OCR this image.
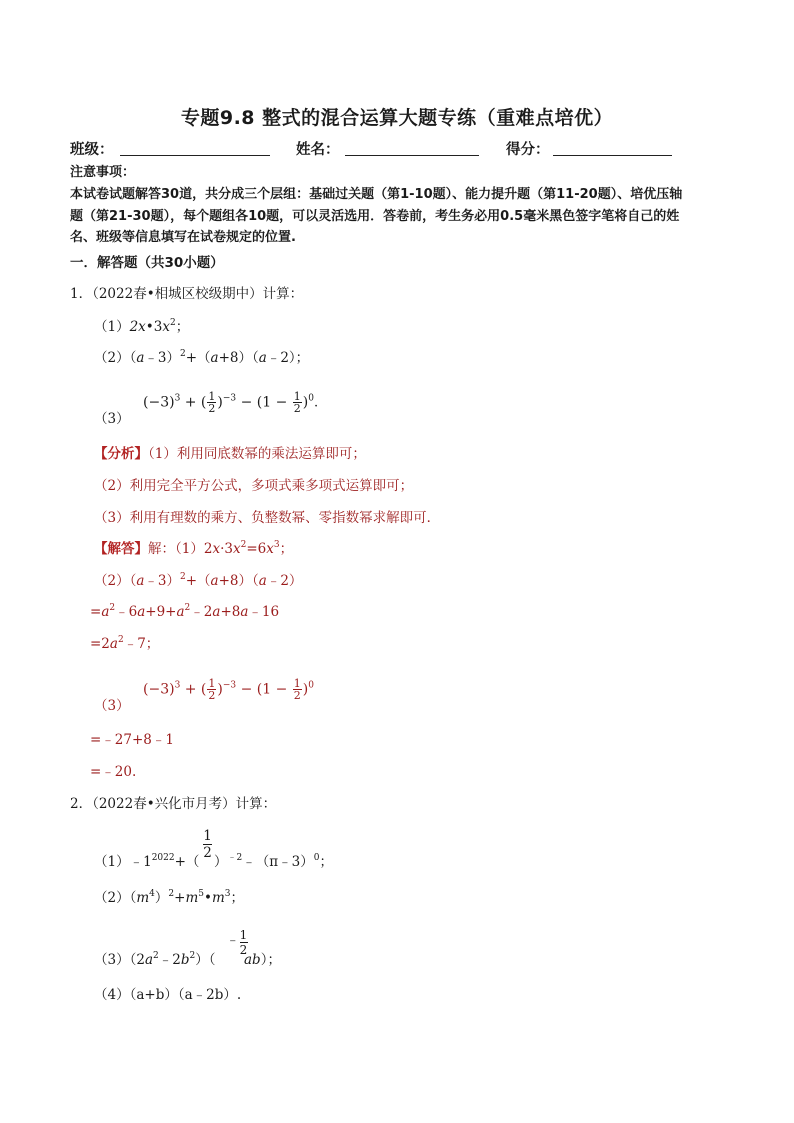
专题9.8 整式的混合运算大题专练（重难点培优）
班级：	姓名：	得分：
注意事项：
本试卷试题解答30道，共分成三个层组：基础过关题（第1-10题）、能力提升题（第11-20题）、培优压轴
题（第21-30题），每个题组各10题，可以灵活选用．答卷前，考生务必用0.5毫米黑色签字笔将自己的姓
名、班级等信息填写在试卷规定的位置.
一．解答题（共30小题）
1．（2022春•相城区校级期中）计算：
$(1)2x•3x^2$；
（2）（a﹣3）$^2$+（a+8）（a﹣2）；
（3）
$(-3)^3$ + ( $\frac{1}{2} )^{-3} - (1 - \frac{1}{2} )^0$.
【分析】（1）利用同底数幂的乘法运算即可；
（2）利用完全平方公式，多项式乘多项式运算即可；
（3）利用有理数的乘方、负整数幂、零指数幂求解即可．
【解答】解：$(1)2x\cdot 3x^2=6x^3$；
（2）（a﹣3）$^2$+（a+8）（a﹣2）
$=a^2﹣6a+9+a^2﹣2a+8a﹣16$
$=2a^2﹣7$；
（3）
$(-3)^3$ + ( $\frac{1}{2} )^{-3} - (1 - \frac{1}{2} )^0$
=﹣27+8﹣1
=﹣20.
2．（2022春•兴化市月考）计算：
$(1)﹣1^{2022}+$（
1
2
）$^{﹣2}$﹣（π﹣3）$^0$；
$(2)(m^4)^2+m^5•m^3$；
$(3)(2a^2﹣2b^2)$（
﹣ $\frac{1}{2}$
ab）；
（4）（a+b）（a﹣2b）.
